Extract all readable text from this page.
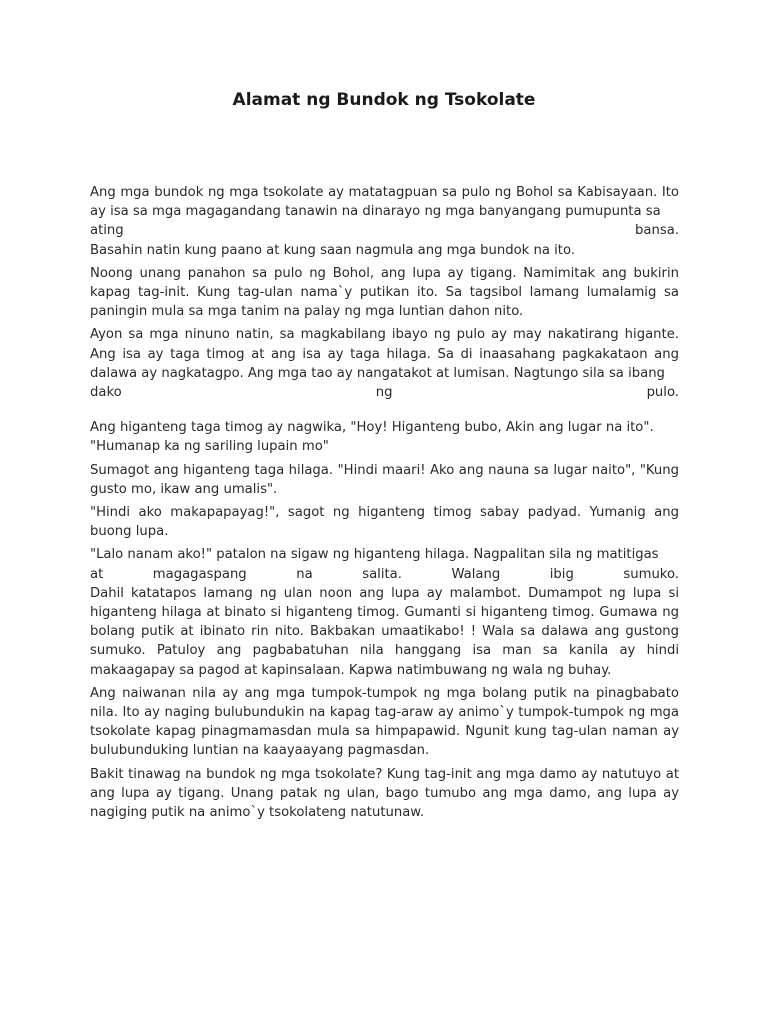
Alamat ng Bundok ng Tsokolate

Ang mga bundok ng mga tsokolate ay matatagpuan sa pulo ng Bohol sa Kabisayaan. Ito ay isa sa mga magagandang tanawin na dinarayo ng mga banyangang pumupunta sa
ating bansa.
Basahin natin kung paano at kung saan nagmula ang mga bundok na ito.

Noong unang panahon sa pulo ng Bohol, ang lupa ay tigang. Namimitak ang bukirin kapag tag-init. Kung tag-ulan nama`y putikan ito. Sa tagsibol lamang lumalamig sa paningin mula sa mga tanim na palay ng mga luntian dahon nito.

Ayon sa mga ninuno natin, sa magkabilang ibayo ng pulo ay may nakatirang higante. Ang isa ay taga timog at ang isa ay taga hilaga. Sa di inaasahang pagkakataon ang dalawa ay nagkatagpo. Ang mga tao ay nangatakot at lumisan. Nagtungo sila sa ibang
dako ng pulo.

Ang higanteng taga timog ay nagwika, "Hoy! Higanteng bubo, Akin ang lugar na ito".
"Humanap ka ng sariling lupain mo"

Sumagot ang higanteng taga hilaga. "Hindi maari! Ako ang nauna sa lugar naito", "Kung gusto mo, ikaw ang umalis".

"Hindi ako makapapayag!", sagot ng higanteng timog sabay padyad. Yumanig ang buong lupa.

"Lalo nanam ako!" patalon na sigaw ng higanteng hilaga. Nagpalitan sila ng matitigas
at magagaspang na salita. Walang ibig sumuko.
Dahil katatapos lamang ng ulan noon ang lupa ay malambot. Dumampot ng lupa si higanteng hilaga at binato si higanteng timog. Gumanti si higanteng timog. Gumawa ng bolang putik at ibinato rin nito. Bakbakan umaatikabo! ! Wala sa dalawa ang gustong sumuko. Patuloy ang pagbabatuhan nila hanggang isa man sa kanila ay hindi makaagapay sa pagod at kapinsalaan. Kapwa natimbuwang ng wala ng buhay.

Ang naiwanan nila ay ang mga tumpok-tumpok ng mga bolang putik na pinagbabato nila. Ito ay naging bulubundukin na kapag tag-araw ay animo`y tumpok-tumpok ng mga tsokolate kapag pinagmamasdan mula sa himpapawid. Ngunit kung tag-ulan naman ay bulubunduking luntian na kaayaayang pagmasdan.

Bakit tinawag na bundok ng mga tsokolate? Kung tag-init ang mga damo ay natutuyo at ang lupa ay tigang. Unang patak ng ulan, bago tumubo ang mga damo, ang lupa ay nagiging putik na animo`y tsokolateng natutunaw.
